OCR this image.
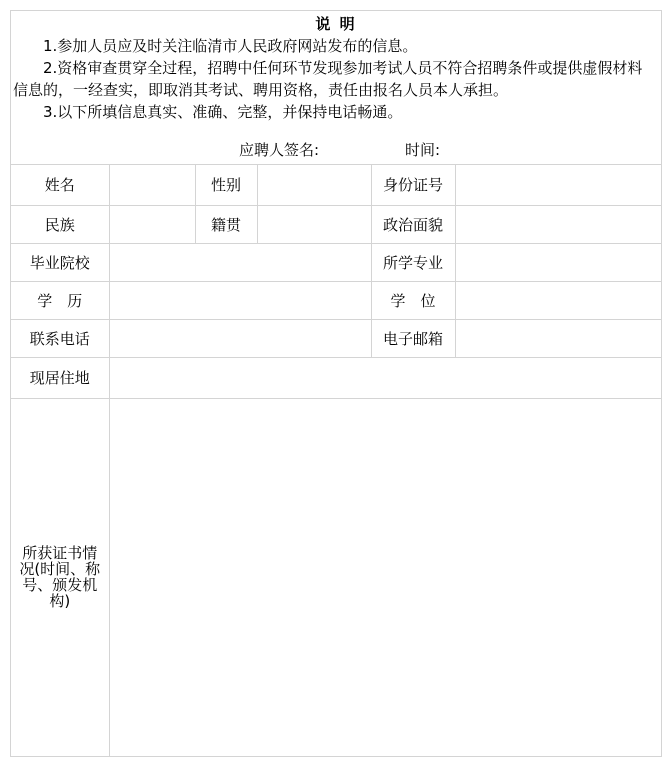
说 明

1.参加人员应及时关注临清市人民政府网站发布的信息。

2.资格审查贯穿全过程，招聘中任何环节发现参加考试人员不符合招聘条件或提供虚假材料信息的，一经查实，即取消其考试、聘用资格，责任由报名人员本人承担。

3.以下所填信息真实、准确、完整，并保持电话畅通。

应聘人签名:	时间:
姓名		性别		身份证号	
民族		籍贯		政治面貌	
毕业院校				所学专业	
学　历				学　位	
联系电话				电子邮箱	
现居住地					
所获证书情况(时间、称号、颁发机构)					
